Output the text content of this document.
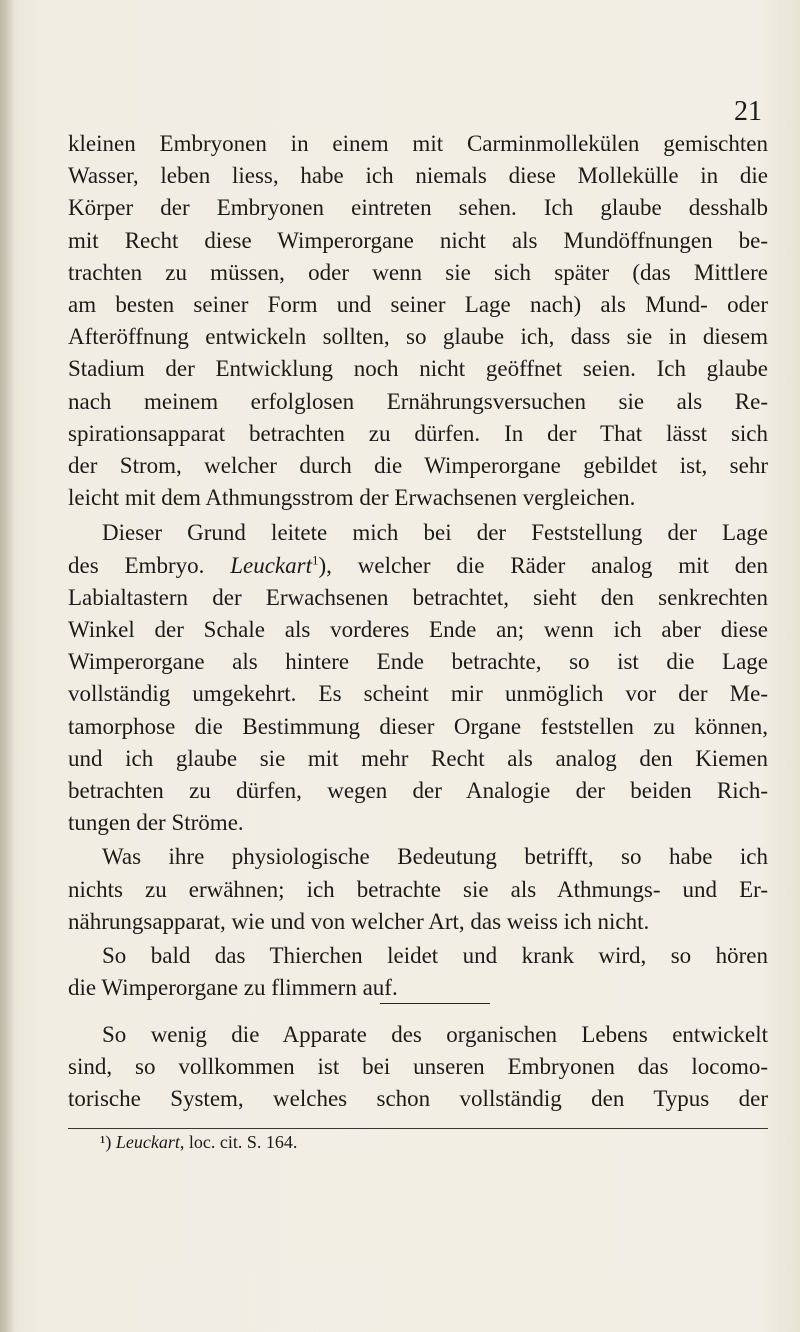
21

kleinen Embryonen in einem mit Carminmollekülen gemischten
Wasser, leben liess, habe ich niemals diese Mollekülle in die
Körper der Embryonen eintreten sehen. Ich glaube desshalb
mit Recht diese Wimperorgane nicht als Mundöffnungen be-
trachten zu müssen, oder wenn sie sich später (das Mittlere
am besten seiner Form und seiner Lage nach) als Mund- oder
Afteröffnung entwickeln sollten, so glaube ich, dass sie in diesem
Stadium der Entwicklung noch nicht geöffnet seien. Ich glaube
nach meinem erfolglosen Ernährungsversuchen sie als Re-
spirationsapparat betrachten zu dürfen. In der That lässt sich
der Strom, welcher durch die Wimperorgane gebildet ist, sehr
leicht mit dem Athmungsstrom der Erwachsenen vergleichen.

Dieser Grund leitete mich bei der Feststellung der Lage
des Embryo. Leuckart$^1$), welcher die Räder analog mit den
Labialtastern der Erwachsenen betrachtet, sieht den senkrechten
Winkel der Schale als vorderes Ende an; wenn ich aber diese
Wimperorgane als hintere Ende betrachte, so ist die Lage
vollständig umgekehrt. Es scheint mir unmöglich vor der Me-
tamorphose die Bestimmung dieser Organe feststellen zu können,
und ich glaube sie mit mehr Recht als analog den Kiemen
betrachten zu dürfen, wegen der Analogie der beiden Rich-
tungen der Ströme.

Was ihre physiologische Bedeutung betrifft, so habe ich
nichts zu erwähnen; ich betrachte sie als Athmungs- und Er-
nährungsapparat, wie und von welcher Art, das weiss ich nicht.

So bald das Thierchen leidet und krank wird, so hören
die Wimperorgane zu flimmern auf.

So wenig die Apparate des organischen Lebens entwickelt
sind, so vollkommen ist bei unseren Embryonen das locomo-
torische System, welches schon vollständig den Typus der

¹) Leuckart, loc. cit. S. 164.
